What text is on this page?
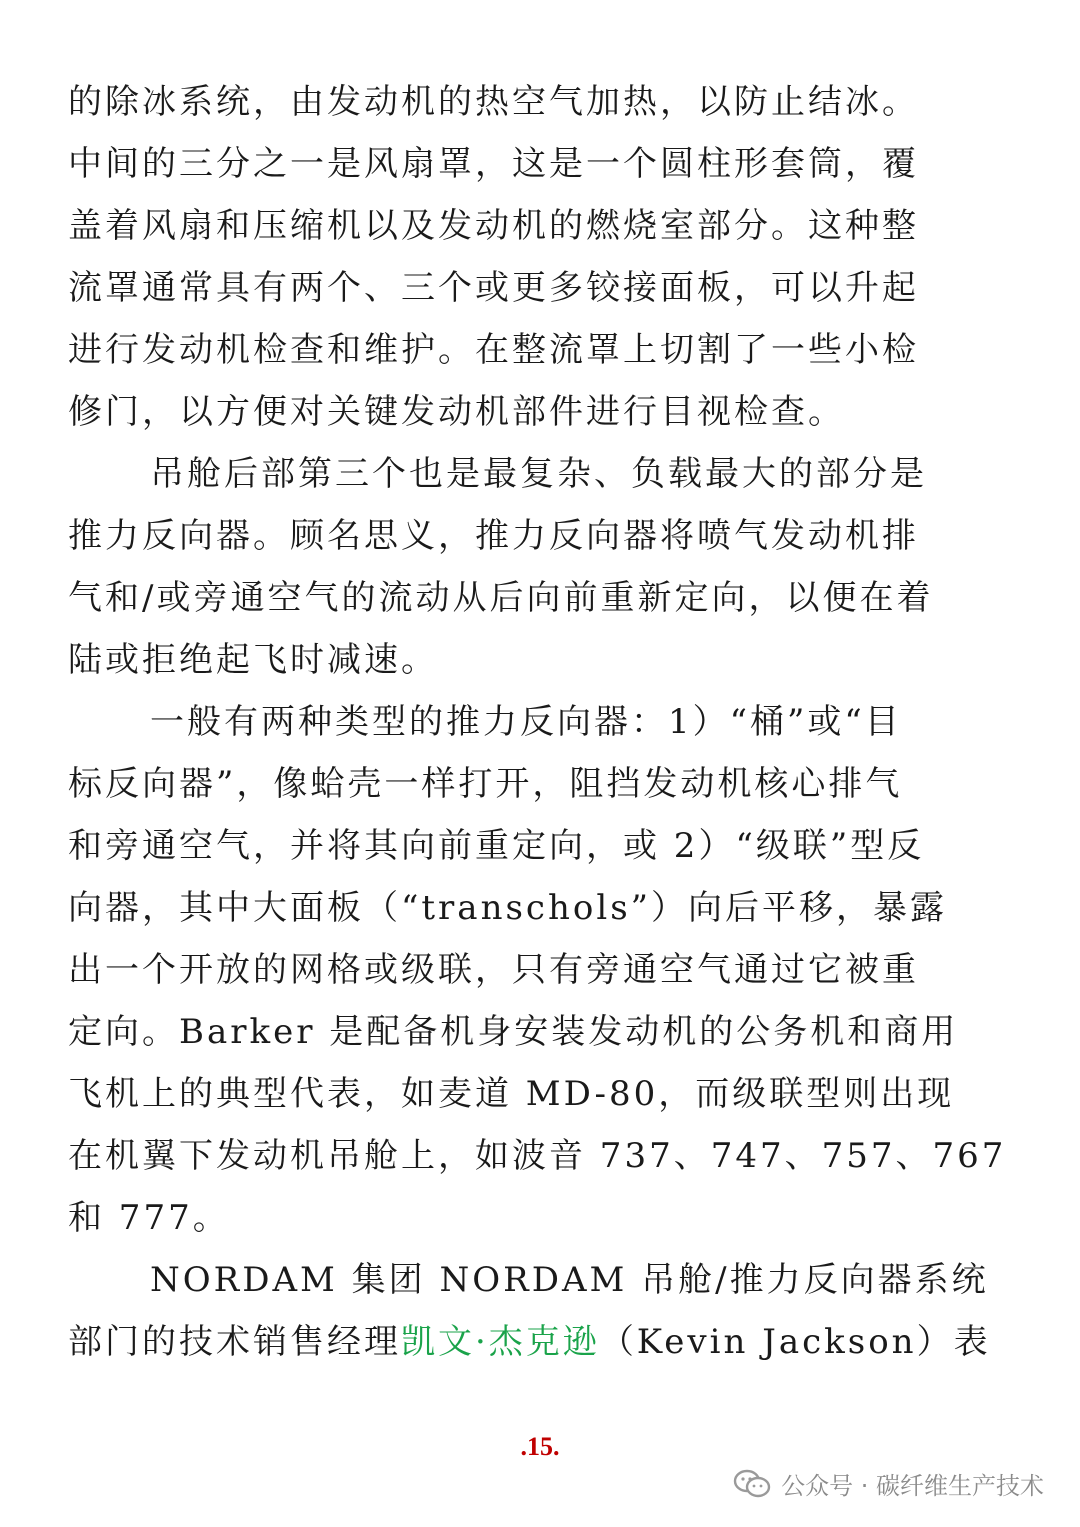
的除冰系统，由发动机的热空气加热，以防止结冰。
中间的三分之一是风扇罩，这是一个圆柱形套筒，覆
盖着风扇和压缩机以及发动机的燃烧室部分。这种整
流罩通常具有两个、三个或更多铰接面板，可以升起
进行发动机检查和维护。在整流罩上切割了一些小检
修门，以方便对关键发动机部件进行目视检查。
吊舱后部第三个也是最复杂、负载最大的部分是
推力反向器。顾名思义，推力反向器将喷气发动机排
气和/或旁通空气的流动从后向前重新定向，以便在着
陆或拒绝起飞时减速。
一般有两种类型的推力反向器：1）“桶”或“目
标反向器”，像蛤壳一样打开，阻挡发动机核心排气
和旁通空气，并将其向前重定向，或 2）“级联”型反
向器，其中大面板（“transchols”）向后平移，暴露
出一个开放的网格或级联，只有旁通空气通过它被重
定向。Barker 是配备机身安装发动机的公务机和商用
飞机上的典型代表，如麦道 MD-80，而级联型则出现
在机翼下发动机吊舱上，如波音 737、747、757、767
和 777。
NORDAM 集团 NORDAM 吊舱/推力反向器系统
部门的技术销售经理凯文·杰克逊（Kevin Jackson）表
.15.
公众号 · 碳纤维生产技术
